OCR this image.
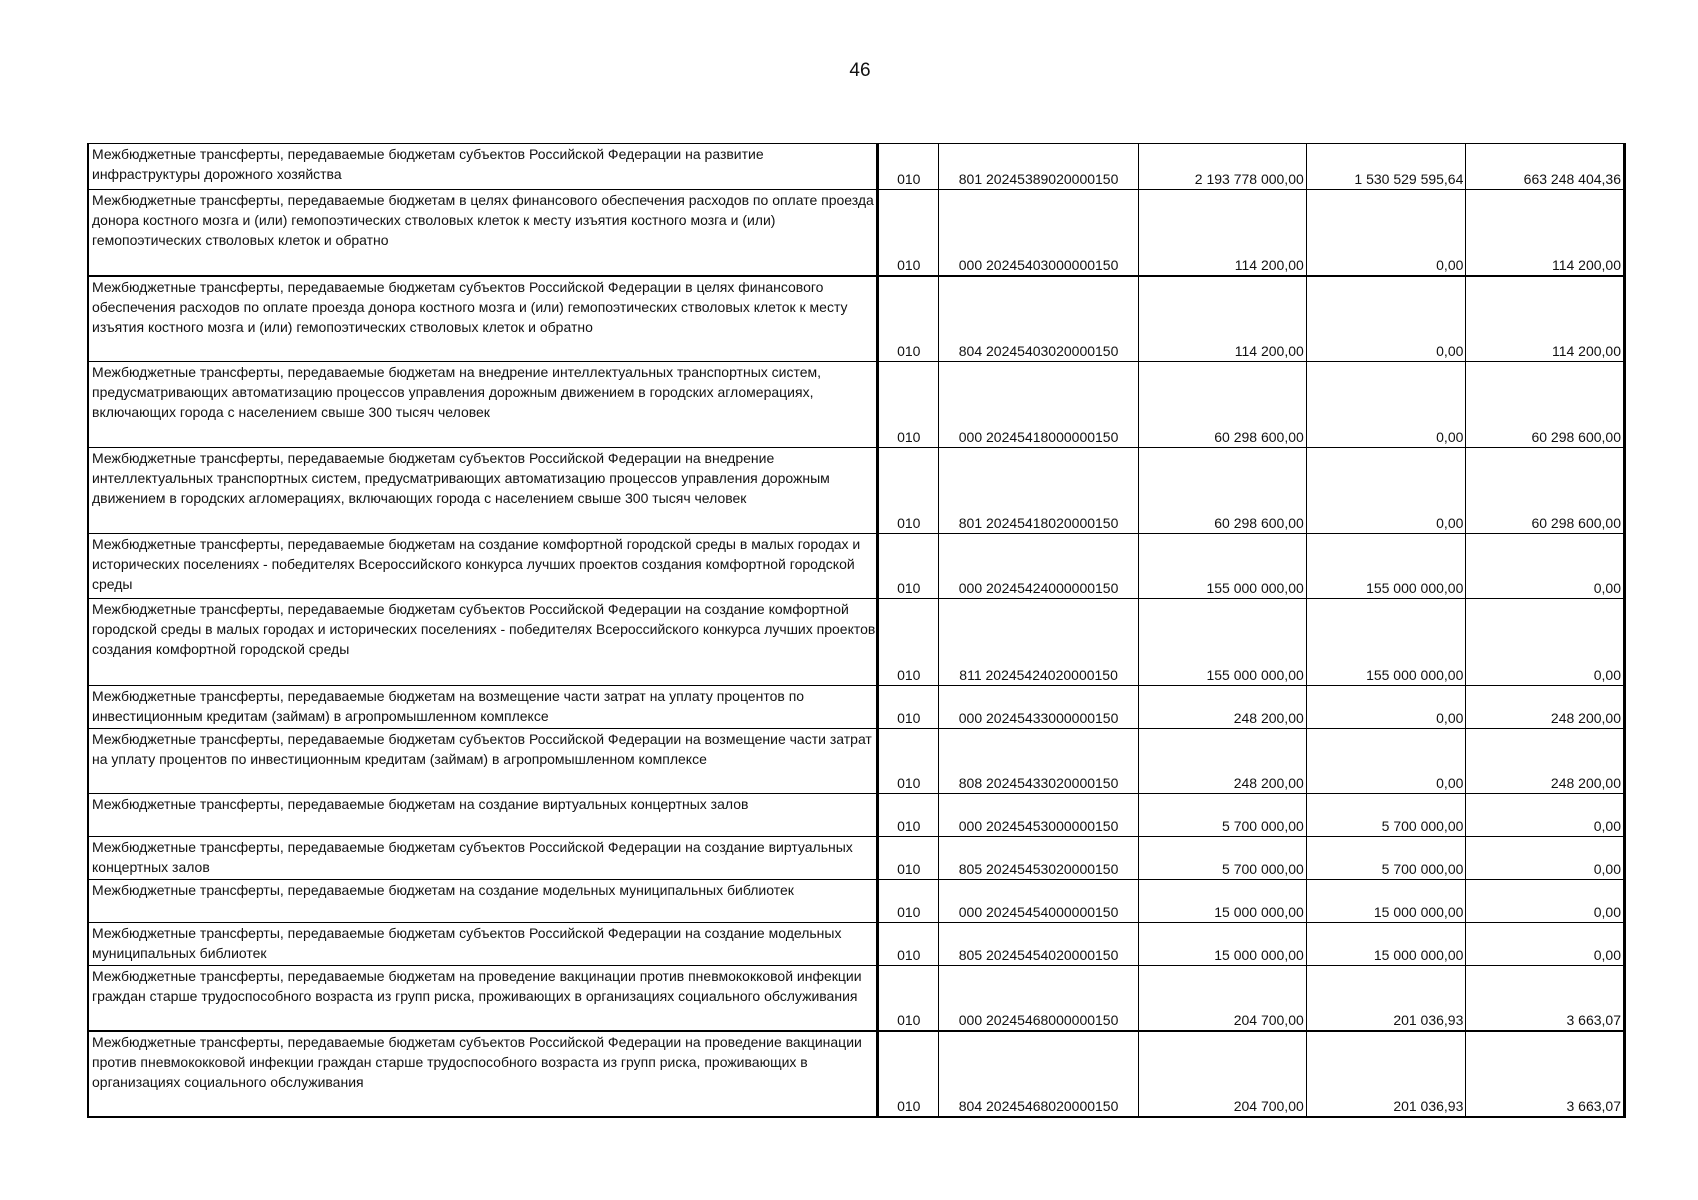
46
Межбюджетные трансферты, передаваемые бюджетам субъектов Российской Федерации на развитие инфраструктуры дорожного хозяйства	010	801 20245389020000150	2 193 778 000,00	1 530 529 595,64	663 248 404,36
Межбюджетные трансферты, передаваемые бюджетам в целях финансового обеспечения расходов по оплате проезда донора костного мозга и (или) гемопоэтических стволовых клеток к месту изъятия костного мозга и (или) гемопоэтических стволовых клеток и обратно	010	000 20245403000000150	114 200,00	0,00	114 200,00
Межбюджетные трансферты, передаваемые бюджетам субъектов Российской Федерации в целях финансового обеспечения расходов по оплате проезда донора костного мозга и (или) гемопоэтических стволовых клеток к месту изъятия костного мозга и (или) гемопоэтических стволовых клеток и обратно	010	804 20245403020000150	114 200,00	0,00	114 200,00
Межбюджетные трансферты, передаваемые бюджетам на внедрение интеллектуальных транспортных систем, предусматривающих автоматизацию процессов управления дорожным движением в городских агломерациях, включающих города с населением свыше 300 тысяч человек	010	000 20245418000000150	60 298 600,00	0,00	60 298 600,00
Межбюджетные трансферты, передаваемые бюджетам субъектов Российской Федерации на внедрение интеллектуальных транспортных систем, предусматривающих автоматизацию процессов управления дорожным движением в городских агломерациях, включающих города с населением свыше 300 тысяч человек	010	801 20245418020000150	60 298 600,00	0,00	60 298 600,00
Межбюджетные трансферты, передаваемые бюджетам на создание комфортной городской среды в малых городах и исторических поселениях - победителях Всероссийского конкурса лучших проектов создания комфортной городской среды	010	000 20245424000000150	155 000 000,00	155 000 000,00	0,00
Межбюджетные трансферты, передаваемые бюджетам субъектов Российской Федерации на создание комфортной городской среды в малых городах и исторических поселениях - победителях Всероссийского конкурса лучших проектов создания комфортной городской среды	010	811 20245424020000150	155 000 000,00	155 000 000,00	0,00
Межбюджетные трансферты, передаваемые бюджетам на возмещение части затрат на уплату процентов по инвестиционным кредитам (займам) в агропромышленном комплексе	010	000 20245433000000150	248 200,00	0,00	248 200,00
Межбюджетные трансферты, передаваемые бюджетам субъектов Российской Федерации на возмещение части затрат на уплату процентов по инвестиционным кредитам (займам) в агропромышленном комплексе	010	808 20245433020000150	248 200,00	0,00	248 200,00
Межбюджетные трансферты, передаваемые бюджетам на создание виртуальных концертных залов	010	000 20245453000000150	5 700 000,00	5 700 000,00	0,00
Межбюджетные трансферты, передаваемые бюджетам субъектов Российской Федерации на создание виртуальных концертных залов	010	805 20245453020000150	5 700 000,00	5 700 000,00	0,00
Межбюджетные трансферты, передаваемые бюджетам на создание модельных муниципальных библиотек	010	000 20245454000000150	15 000 000,00	15 000 000,00	0,00
Межбюджетные трансферты, передаваемые бюджетам субъектов Российской Федерации на создание модельных муниципальных библиотек	010	805 20245454020000150	15 000 000,00	15 000 000,00	0,00
Межбюджетные трансферты, передаваемые бюджетам на проведение вакцинации против пневмококковой инфекции граждан старше трудоспособного возраста из групп риска, проживающих в организациях социального обслуживания	010	000 20245468000000150	204 700,00	201 036,93	3 663,07
Межбюджетные трансферты, передаваемые бюджетам субъектов Российской Федерации на проведение вакцинации против пневмококковой инфекции граждан старше трудоспособного возраста из групп риска, проживающих в организациях социального обслуживания	010	804 20245468020000150	204 700,00	201 036,93	3 663,07
